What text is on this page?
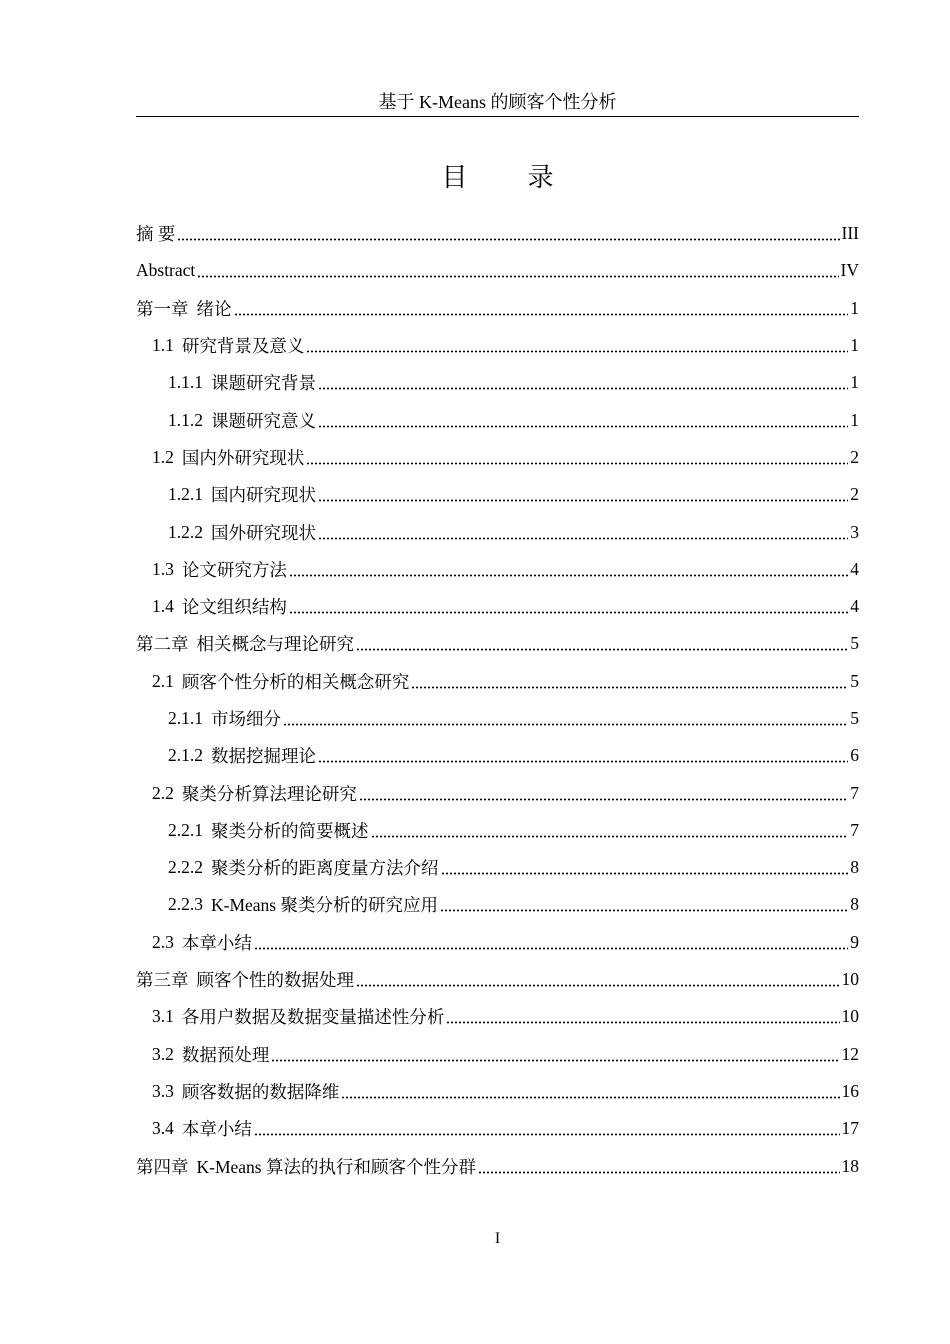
基于 K-Means 的顾客个性分析
目 录
摘 要	III
Abstract	IV
第一章 绪论	1
1.1 研究背景及意义	1
1.1.1 课题研究背景	1
1.1.2 课题研究意义	1
1.2 国内外研究现状	2
1.2.1 国内研究现状	2
1.2.2 国外研究现状	3
1.3 论文研究方法	4
1.4 论文组织结构	4
第二章 相关概念与理论研究	5
2.1 顾客个性分析的相关概念研究	5
2.1.1 市场细分	5
2.1.2 数据挖掘理论	6
2.2 聚类分析算法理论研究	7
2.2.1 聚类分析的简要概述	7
2.2.2 聚类分析的距离度量方法介绍	8
2.2.3 K-Means 聚类分析的研究应用	8
2.3 本章小结	9
第三章 顾客个性的数据处理	10
3.1 各用户数据及数据变量描述性分析	10
3.2 数据预处理	12
3.3 顾客数据的数据降维	16
3.4 本章小结	17
第四章 K-Means 算法的执行和顾客个性分群	18
I
